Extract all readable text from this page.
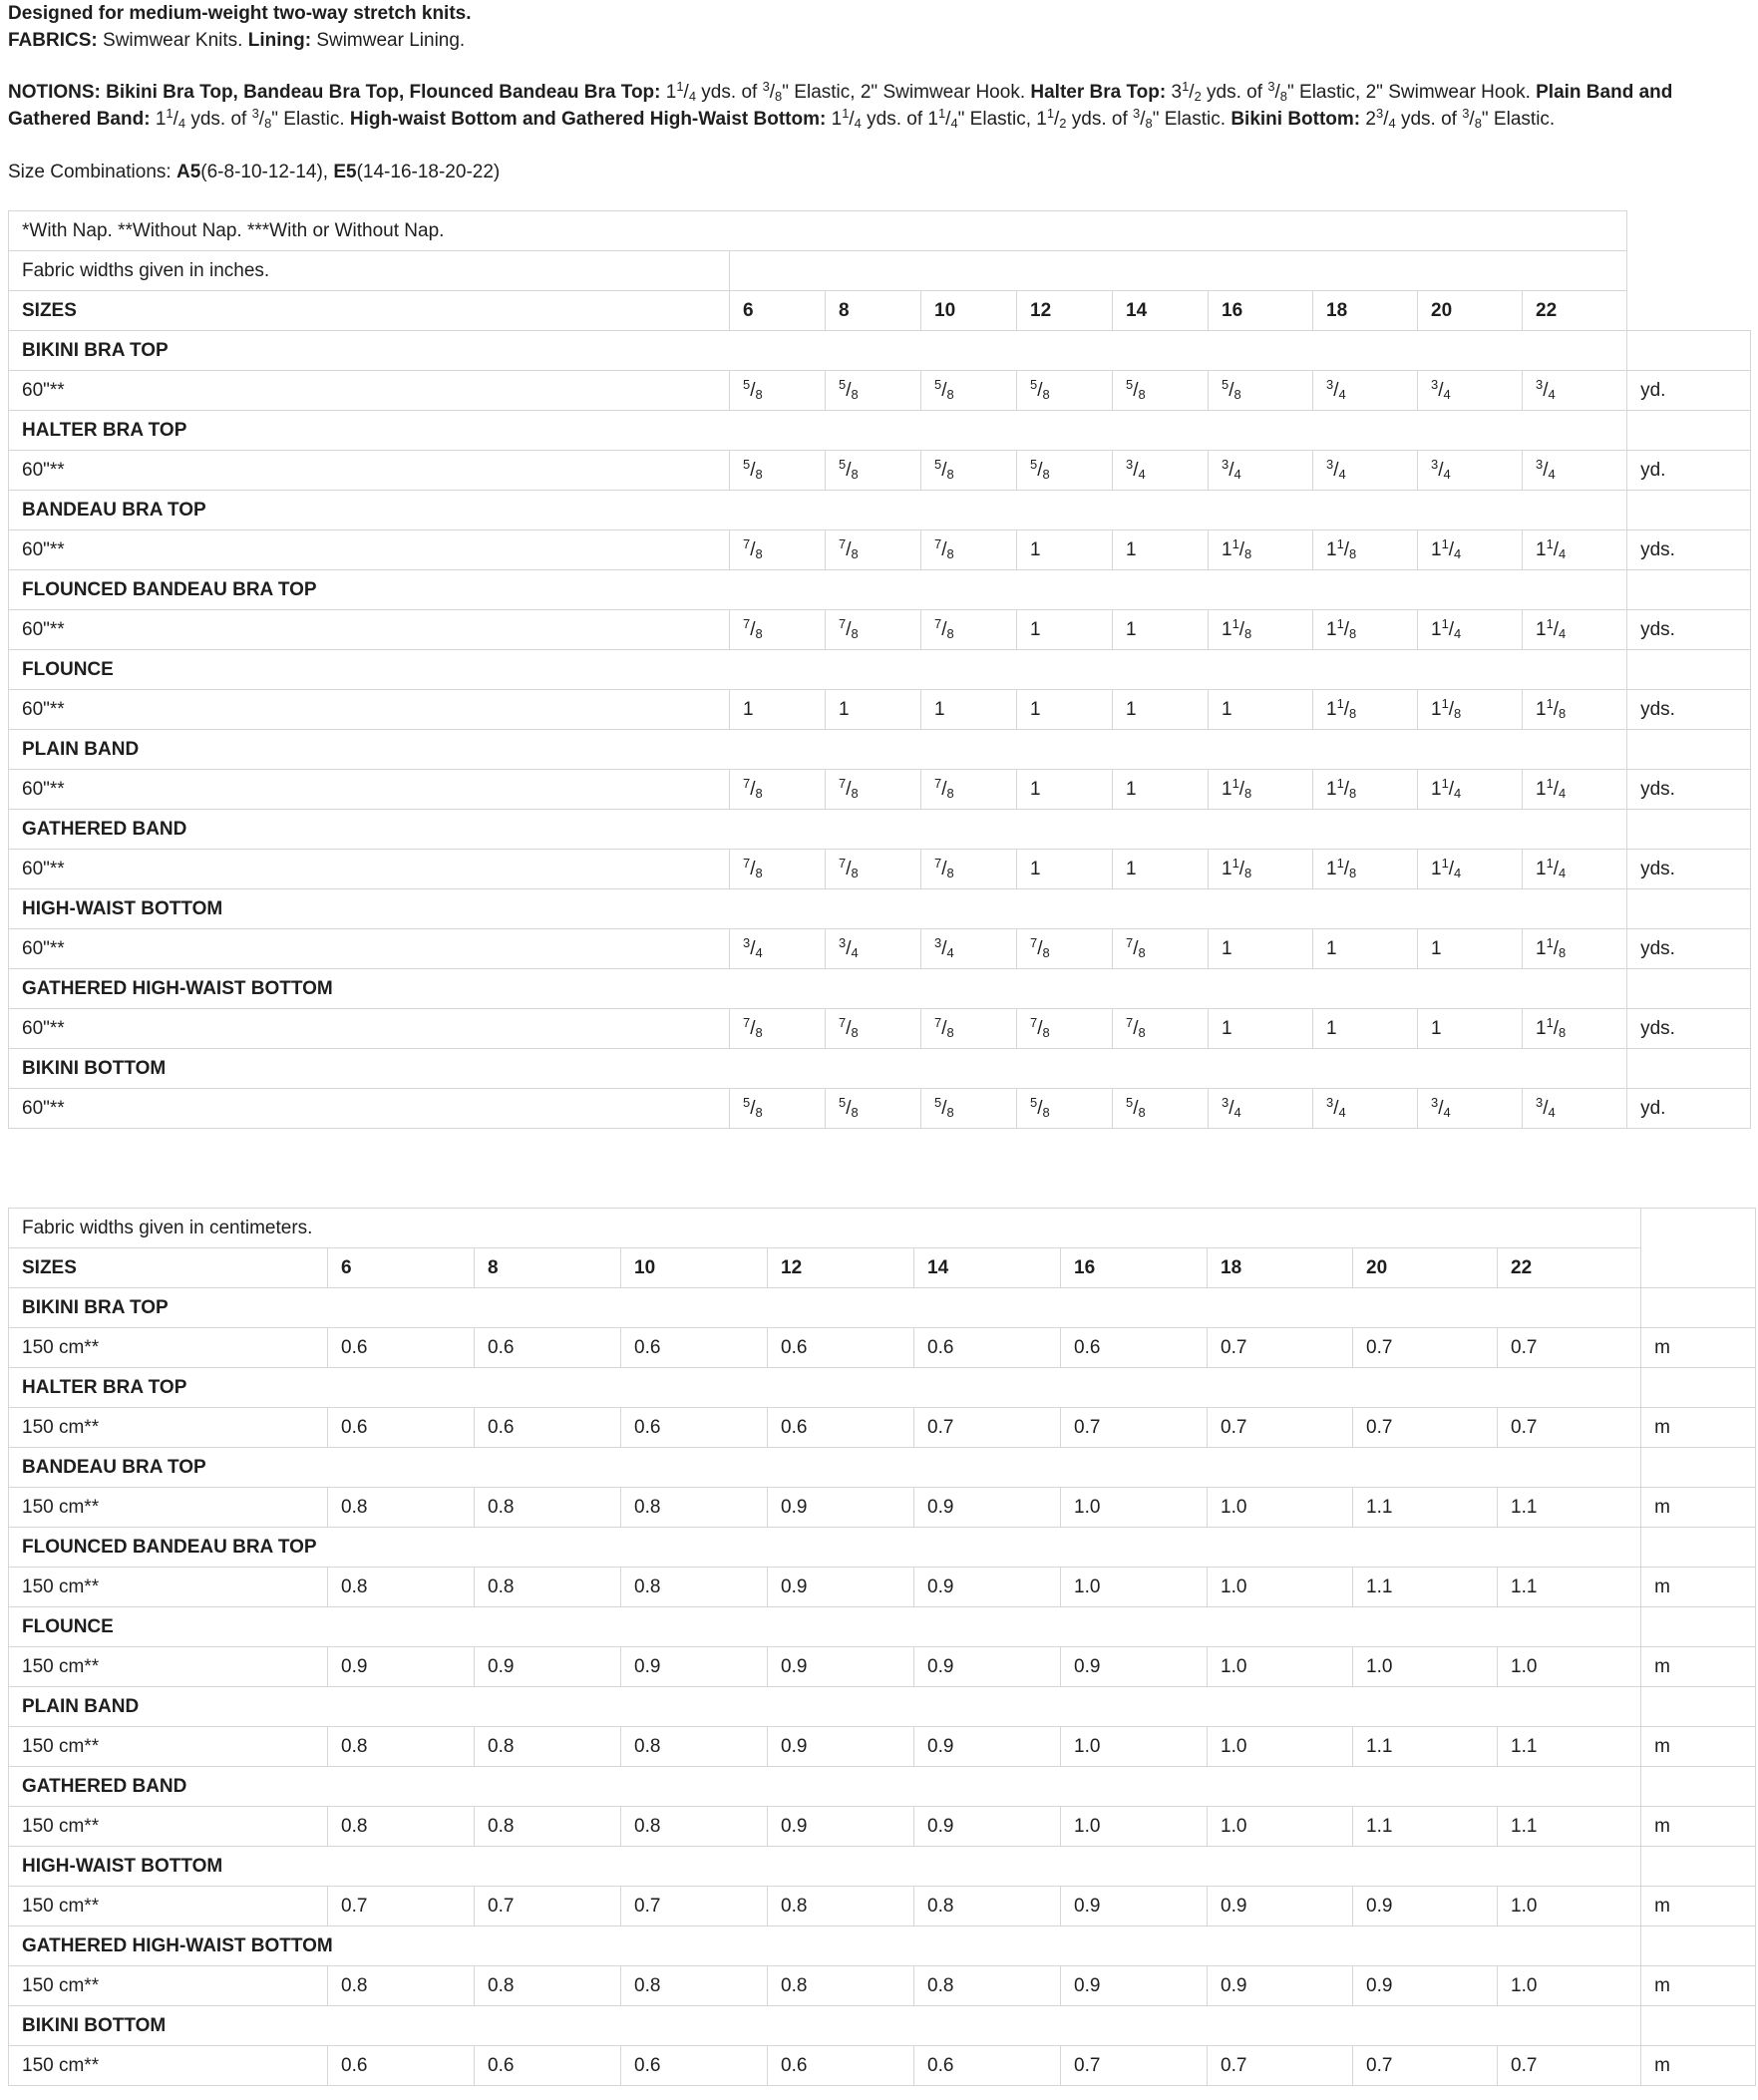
Designed for medium-weight two-way stretch knits.

FABRICS: Swimwear Knits. Lining: Swimwear Lining.

NOTIONS: Bikini Bra Top, Bandeau Bra Top, Flounced Bandeau Bra Top: $1^1/_4$ yds. of $^3/_8$" Elastic, 2" Swimwear Hook. Halter Bra Top: $3^1/_2$ yds. of $^3/_8$" Elastic, 2" Swimwear Hook. Plain Band and Gathered Band: $1^1/_4$ yds. of $^3/_8$" Elastic. High-waist Bottom and Gathered High-Waist Bottom: $1^1/_4$ yds. of $1^1/_4$" Elastic, $1^1/_2$ yds. of $^3/_8$" Elastic. Bikini Bottom: $2^3/_4$ yds. of $^3/_8$" Elastic.

Size Combinations: A5(6-8-10-12-14), E5(14-16-18-20-22)

*With Nap. **Without Nap. ***With or Without Nap.										
Fabric widths given in inches.										
SIZES	6	8	10	12	14	16	18	20	22	
BIKINI BRA TOP										
60"**	$^5/_8$	$^5/_8$	$^5/_8$	$^5/_8$	$^5/_8$	$^5/_8$	$^3/_4$	$^3/_4$	$^3/_4$	yd.
HALTER BRA TOP										
60"**	$^5/_8$	$^5/_8$	$^5/_8$	$^5/_8$	$^3/_4$	$^3/_4$	$^3/_4$	$^3/_4$	$^3/_4$	yd.
BANDEAU BRA TOP										
60"**	$^7/_8$	$^7/_8$	$^7/_8$	1	1	$1^1/_8$	$1^1/_8$	$1^1/_4$	$1^1/_4$	yds.
FLOUNCED BANDEAU BRA TOP										
60"**	$^7/_8$	$^7/_8$	$^7/_8$	1	1	$1^1/_8$	$1^1/_8$	$1^1/_4$	$1^1/_4$	yds.
FLOUNCE										
60"**	1	1	1	1	1	1	$1^1/_8$	$1^1/_8$	$1^1/_8$	yds.
PLAIN BAND										
60"**	$^7/_8$	$^7/_8$	$^7/_8$	1	1	$1^1/_8$	$1^1/_8$	$1^1/_4$	$1^1/_4$	yds.
GATHERED BAND										
60"**	$^7/_8$	$^7/_8$	$^7/_8$	1	1	$1^1/_8$	$1^1/_8$	$1^1/_4$	$1^1/_4$	yds.
HIGH-WAIST BOTTOM										
60"**	$^3/_4$	$^3/_4$	$^3/_4$	$^7/_8$	$^7/_8$	1	1	1	$1^1/_8$	yds.
GATHERED HIGH-WAIST BOTTOM										
60"**	$^7/_8$	$^7/_8$	$^7/_8$	$^7/_8$	$^7/_8$	1	1	1	$1^1/_8$	yds.
BIKINI BOTTOM										
60"**	$^5/_8$	$^5/_8$	$^5/_8$	$^5/_8$	$^5/_8$	$^3/_4$	$^3/_4$	$^3/_4$	$^3/_4$	yd.
Fabric widths given in centimeters.										
SIZES	6	8	10	12	14	16	18	20	22	
BIKINI BRA TOP										
150 cm**	0.6	0.6	0.6	0.6	0.6	0.6	0.7	0.7	0.7	m
HALTER BRA TOP										
150 cm**	0.6	0.6	0.6	0.6	0.7	0.7	0.7	0.7	0.7	m
BANDEAU BRA TOP										
150 cm**	0.8	0.8	0.8	0.9	0.9	1.0	1.0	1.1	1.1	m
FLOUNCED BANDEAU BRA TOP										
150 cm**	0.8	0.8	0.8	0.9	0.9	1.0	1.0	1.1	1.1	m
FLOUNCE										
150 cm**	0.9	0.9	0.9	0.9	0.9	0.9	1.0	1.0	1.0	m
PLAIN BAND										
150 cm**	0.8	0.8	0.8	0.9	0.9	1.0	1.0	1.1	1.1	m
GATHERED BAND										
150 cm**	0.8	0.8	0.8	0.9	0.9	1.0	1.0	1.1	1.1	m
HIGH-WAIST BOTTOM										
150 cm**	0.7	0.7	0.7	0.8	0.8	0.9	0.9	0.9	1.0	m
GATHERED HIGH-WAIST BOTTOM										
150 cm**	0.8	0.8	0.8	0.8	0.8	0.9	0.9	0.9	1.0	m
BIKINI BOTTOM										
150 cm**	0.6	0.6	0.6	0.6	0.6	0.7	0.7	0.7	0.7	m
